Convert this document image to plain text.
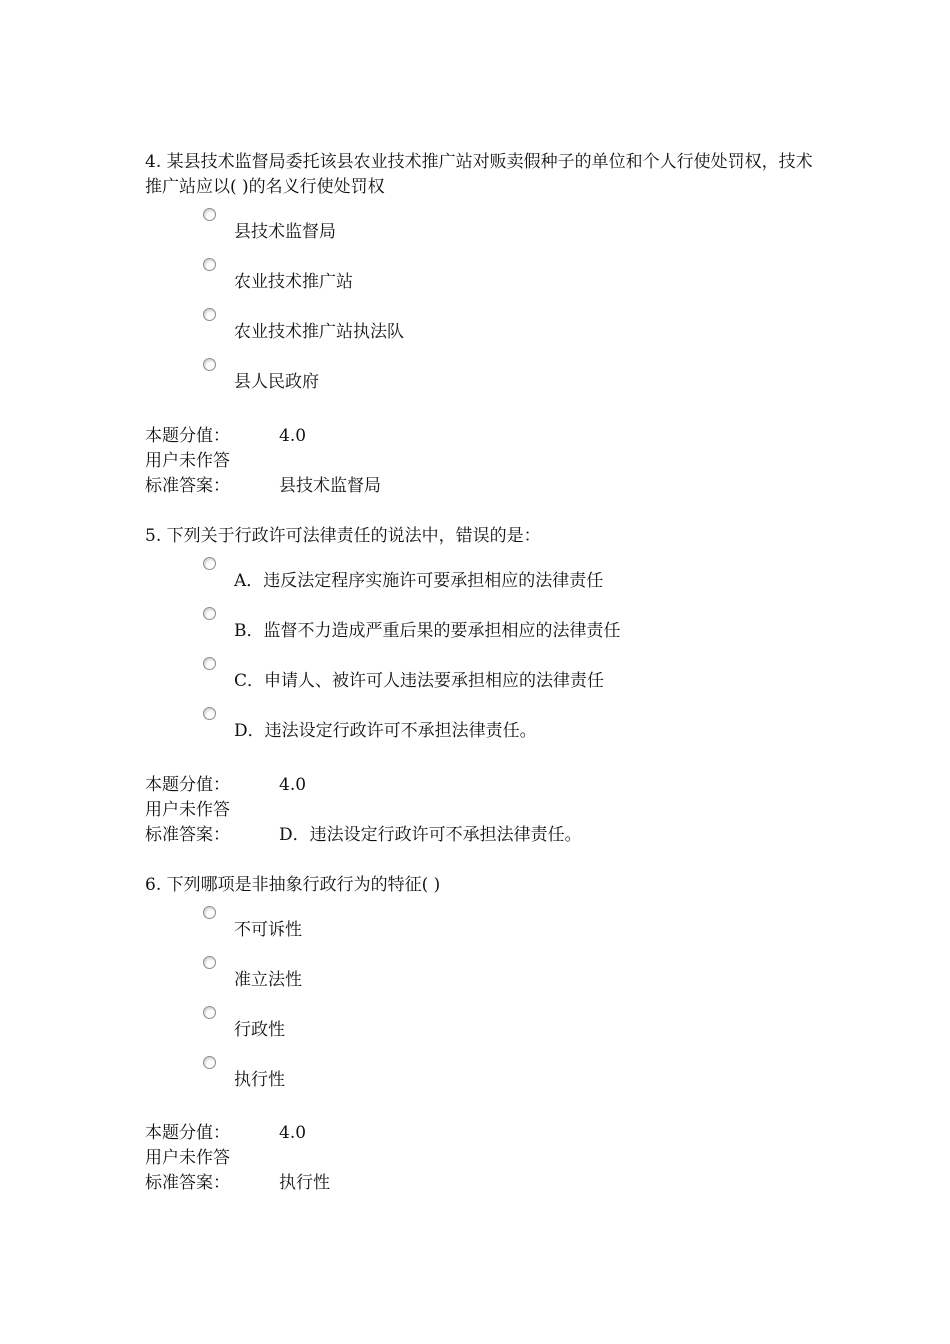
4. 某县技术监督局委托该县农业技术推广站对贩卖假种子的单位和个人行使处罚权，技术推广站应以( )的名义行使处罚权

县技术监督局
农业技术推广站
农业技术推广站执法队
县人民政府
本题分值：	4.0
用户未作答
标准答案：	县技术监督局

5. 下列关于行政许可法律责任的说法中，错误的是：

A．违反法定程序实施许可要承担相应的法律责任
B．监督不力造成严重后果的要承担相应的法律责任
C．申请人、被许可人违法要承担相应的法律责任
D．违法设定行政许可不承担法律责任。
本题分值：	4.0
用户未作答
标准答案：	D．违法设定行政许可不承担法律责任。

6. 下列哪项是非抽象行政行为的特征( )

不可诉性
准立法性
行政性
执行性
本题分值：	4.0
用户未作答
标准答案：	执行性
